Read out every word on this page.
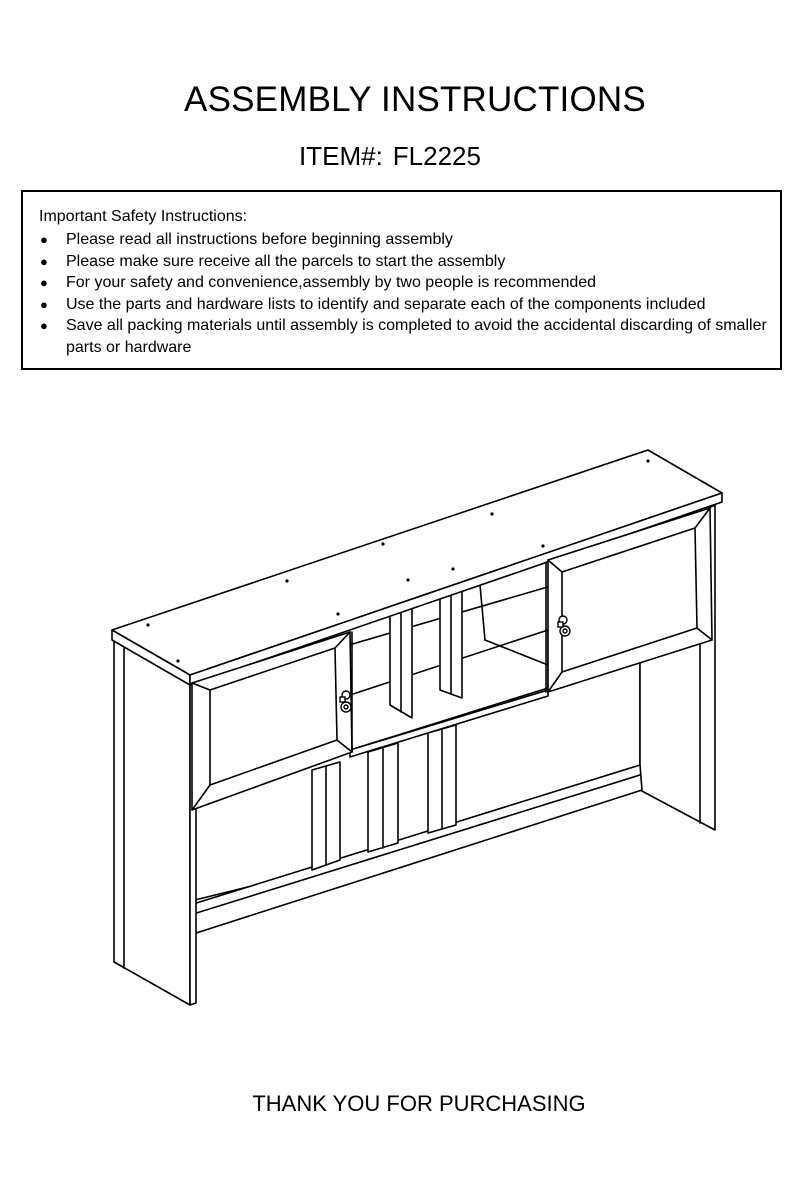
ASSEMBLY INSTRUCTIONS
ITEM#: FL2225
Important Safety Instructions:
● Please read all instructions before beginning assembly
● Please make sure receive all the parcels to start the assembly
● For your safety and convenience,assembly by two people is recommended
● Use the parts and hardware lists to identify and separate each of the components included
● Save all packing materials until assembly is completed to avoid the accidental discarding of smaller parts or hardware
THANK YOU FOR PURCHASING
